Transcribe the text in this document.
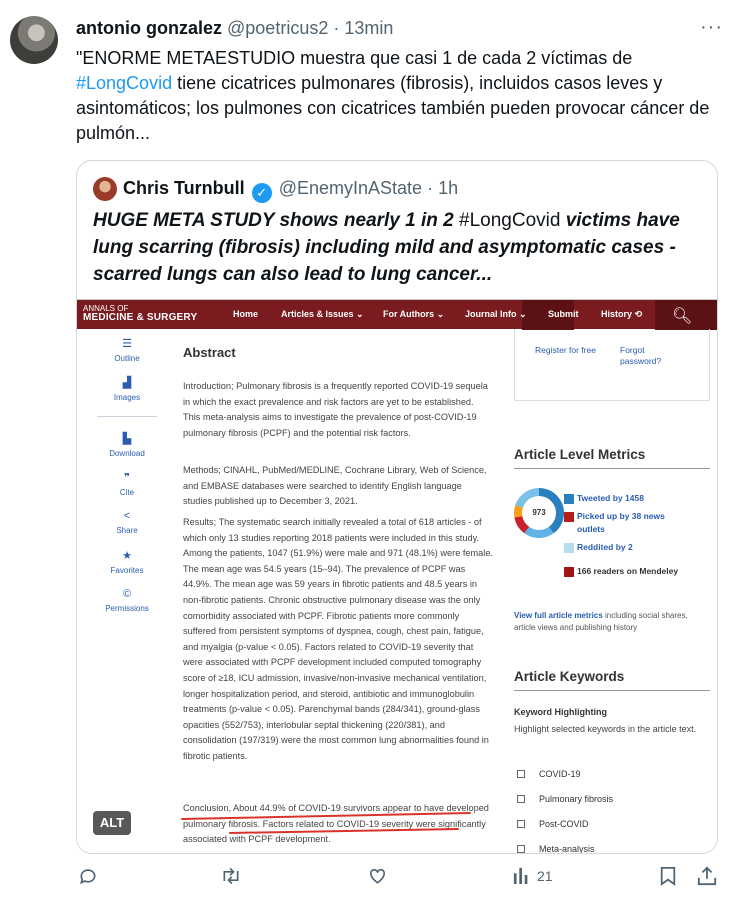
antonio gonzalez @poetricus2 · 13min	···
"ENORME METAESTUDIO muestra que casi 1 de cada 2 víctimas de #LongCovid tiene cicatrices pulmonares (fibrosis), incluidos casos leves y asintomáticos; los pulmones con cicatrices también pueden provocar cáncer de pulmón...
Chris Turnbull ✓ @EnemyInAState · 1h
HUGE META STUDY shows nearly 1 in 2 #LongCovid victims have lung scarring (fibrosis) including mild and asymptomatic cases - scarred lungs can also lead to lung cancer...
ANNALS OF
MEDICINE & SURGERY	Home	Articles & Issues ⌄ For Authors ⌄ Journal Info ⌄ Submit	History ⟲ 🔍︎
☰
Outline
▟
Images
▙
Download
❞
Cite
<
Share
★
Favorites
©
Permissions
Abstract
Introduction; Pulmonary fibrosis is a frequently reported COVID-19 sequela in which the exact prevalence and risk factors are yet to be established. This meta-analysis aims to investigate the prevalence of post-COVID-19 pulmonary fibrosis (PCPF) and the potential risk factors.
Methods; CINAHL, PubMed/MEDLINE, Cochrane Library, Web of Science, and EMBASE databases were searched to identify English language studies published up to December 3, 2021.
Results; The systematic search initially revealed a total of 618 articles - of which only 13 studies reporting 2018 patients were included in this study. Among the patients, 1047 (51.9%) were male and 971 (48.1%) were female. The mean age was 54.5 years (15–94). The prevalence of PCPF was 44.9%. The mean age was 59 years in fibrotic patients and 48.5 years in non-fibrotic patients. Chronic obstructive pulmonary disease was the only comorbidity associated with PCPF. Fibrotic patients more commonly suffered from persistent symptoms of dyspnea, cough, chest pain, fatigue, and myalgia (p-value < 0.05). Factors related to COVID-19 severity that were associated with PCPF development included computed tomography score of ≥18, ICU admission, invasive/non-invasive mechanical ventilation, longer hospitalization period, and steroid, antibiotic and immunoglobulin treatments (p-value < 0.05). Parenchymal bands (284/341), ground-glass opacities (552/753), interlobular septal thickening (220/381), and consolidation (197/319) were the most common lung abnormalities found in fibrotic patients.
Conclusion, About 44.9% of COVID-19 survivors appear to have developed pulmonary fibrosis. Factors related to COVID-19 severity were significantly associated with PCPF development.
Register for free	Forgot password?
Article Level Metrics
973
Tweeted by 1458
Picked up by 38 news outlets
Reddited by 2
166 readers on Mendeley
View full article metrics including social shares, article views and publishing history
Article Keywords
Keyword Highlighting
Highlight selected keywords in the article text.
COVID-19
Pulmonary fibrosis
Post-COVID
Meta-analysis
ALT
21
